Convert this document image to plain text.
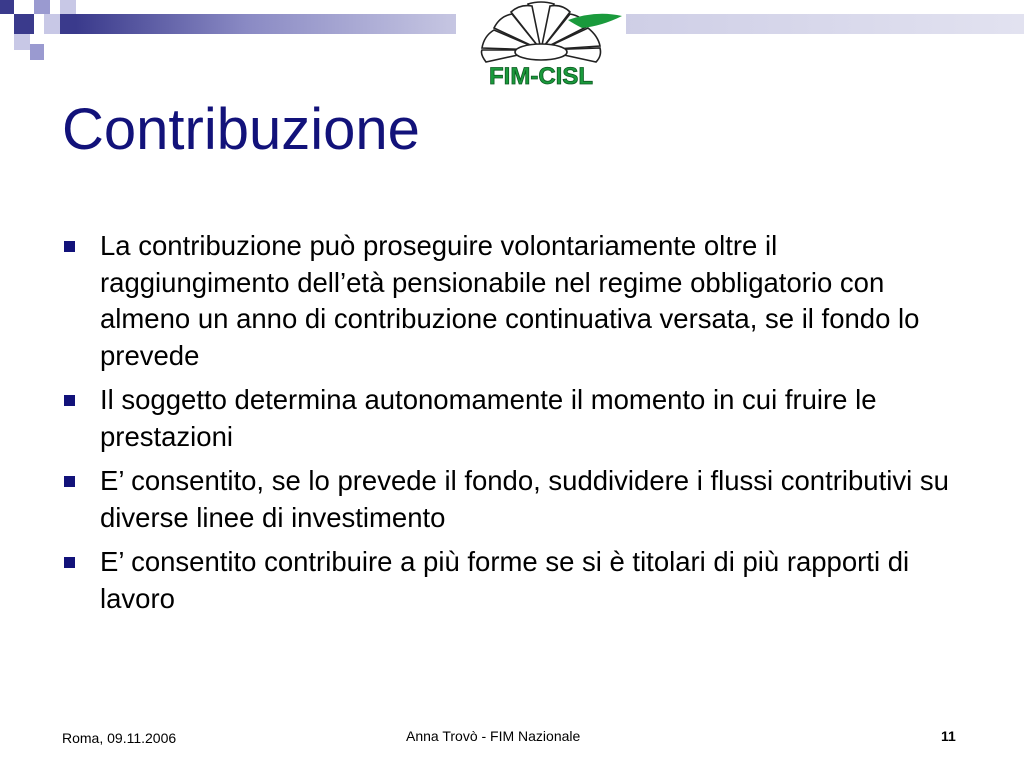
FIM-CISL
Contribuzione
La contribuzione può proseguire volontariamente oltre il raggiungimento dell’età pensionabile nel regime obbligatorio con almeno un anno di contribuzione continuativa versata, se il fondo lo prevede
Il soggetto determina autonomamente il momento in cui fruire le prestazioni
E’ consentito, se lo prevede il fondo, suddividere i flussi contributivi su diverse linee di investimento
E’ consentito contribuire a più forme se si è titolari di più rapporti di lavoro
Roma, 09.11.2006	Anna Trovò - FIM Nazionale	11
